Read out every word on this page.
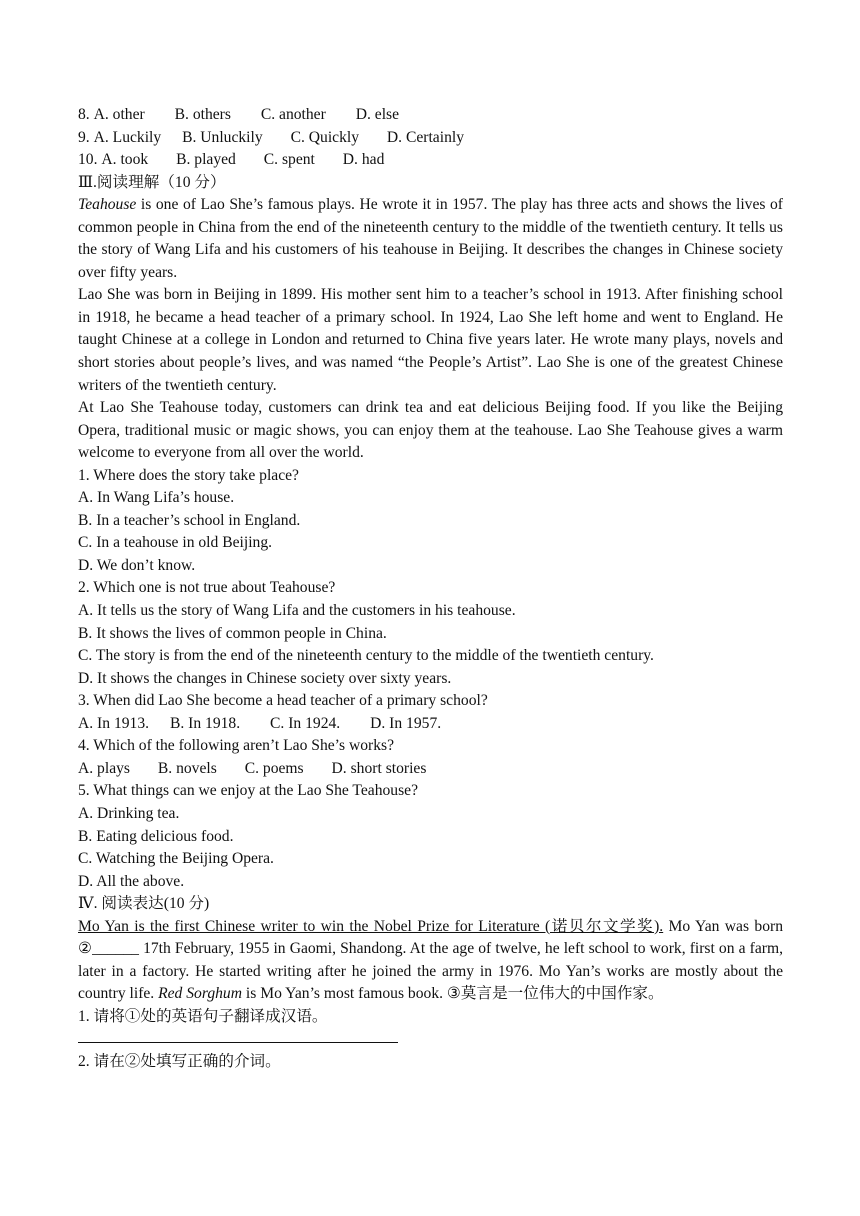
8. A. other B. others C. another D. else

9. A. Luckily B. Unluckily C. Quickly D. Certainly

10. A. took B. played C. spent D. had

Ⅲ.阅读理解（10 分）

Teahouse is one of Lao She’s famous plays. He wrote it in 1957. The play has three acts and shows the lives of common people in China from the end of the nineteenth century to the middle of the twentieth century. It tells us the story of Wang Lifa and his customers of his teahouse in Beijing. It describes the changes in Chinese society over fifty years.

Lao She was born in Beijing in 1899. His mother sent him to a teacher’s school in 1913. After finishing school in 1918, he became a head teacher of a primary school. In 1924, Lao She left home and went to England. He taught Chinese at a college in London and returned to China five years later. He wrote many plays, novels and short stories about people’s lives, and was named “the People’s Artist”. Lao She is one of the greatest Chinese writers of the twentieth century.

At Lao She Teahouse today, customers can drink tea and eat delicious Beijing food. If you like the Beijing Opera, traditional music or magic shows, you can enjoy them at the teahouse. Lao She Teahouse gives a warm welcome to everyone from all over the world.

1. Where does the story take place?

A. In Wang Lifa’s house.

B. In a teacher’s school in England.

C. In a teahouse in old Beijing.

D. We don’t know.

2. Which one is not true about Teahouse?

A. It tells us the story of Wang Lifa and the customers in his teahouse.

B. It shows the lives of common people in China.

C. The story is from the end of the nineteenth century to the middle of the twentieth century.

D. It shows the changes in Chinese society over sixty years.

3. When did Lao She become a head teacher of a primary school?

A. In 1913. B. In 1918. C. In 1924. D. In 1957.

4. Which of the following aren’t Lao She’s works?

A. plays B. novels C. poems D. short stories

5. What things can we enjoy at the Lao She Teahouse?

A. Drinking tea.

B. Eating delicious food.

C. Watching the Beijing Opera.

D. All the above.

Ⅳ. 阅读表达(10 分)

Mo Yan is the first Chinese writer to win the Nobel Prize for Literature (诺贝尔文学奖). Mo Yan was born ②______ 17th February, 1955 in Gaomi, Shandong. At the age of twelve, he left school to work, first on a farm, later in a factory. He started writing after he joined the army in 1976. Mo Yan’s works are mostly about the country life. Red Sorghum is Mo Yan’s most famous book. ③莫言是一位伟大的中国作家。

1. 请将①处的英语句子翻译成汉语。

2. 请在②处填写正确的介词。
